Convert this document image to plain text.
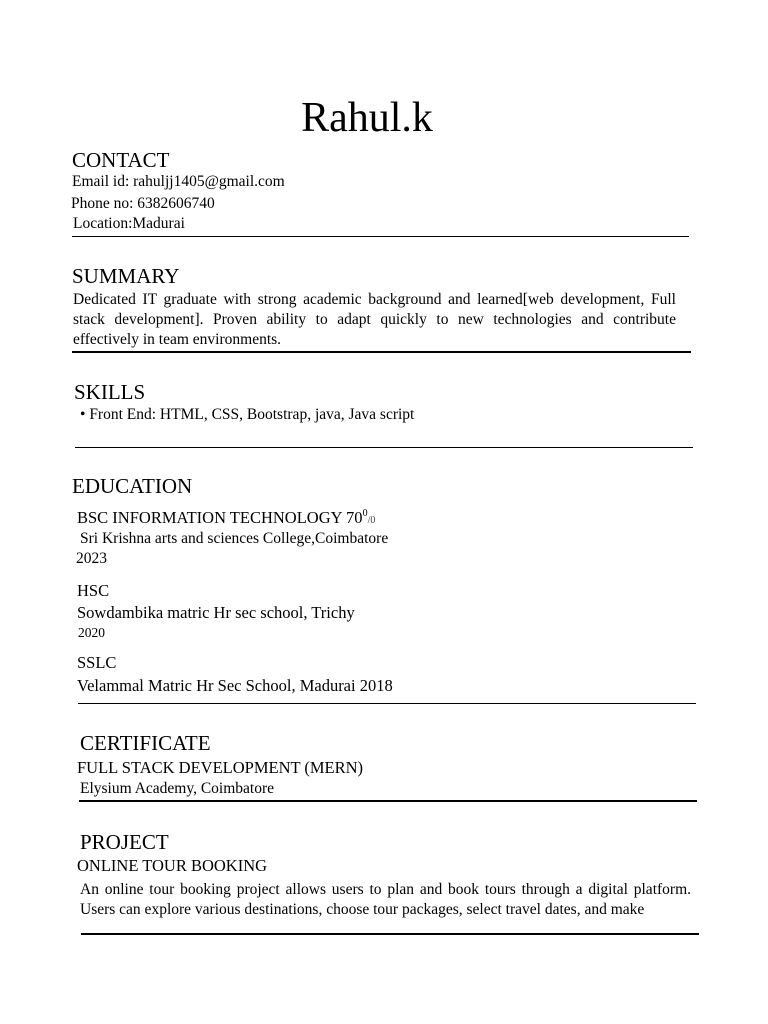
Rahul.k
CONTACT
Email id: rahuljj1405@gmail.com
Phone no: 6382606740
Location:Madurai
SUMMARY
Dedicated IT graduate with strong academic background and learned[web development, Full stack development]. Proven ability to adapt quickly to new technologies and contribute effectively in team environments.
SKILLS
• Front End: HTML, CSS, Bootstrap, java, Java script
EDUCATION
BSC INFORMATION TECHNOLOGY $70^0/0$
Sri Krishna arts and sciences College,Coimbatore
2023
HSC
Sowdambika matric Hr sec school, Trichy
2020
SSLC
Velammal Matric Hr Sec School, Madurai 2018
CERTIFICATE
FULL STACK DEVELOPMENT (MERN)
Elysium Academy, Coimbatore
PROJECT
ONLINE TOUR BOOKING
An online tour booking project allows users to plan and book tours through a digital platform. Users can explore various destinations, choose tour packages, select travel dates, and make
